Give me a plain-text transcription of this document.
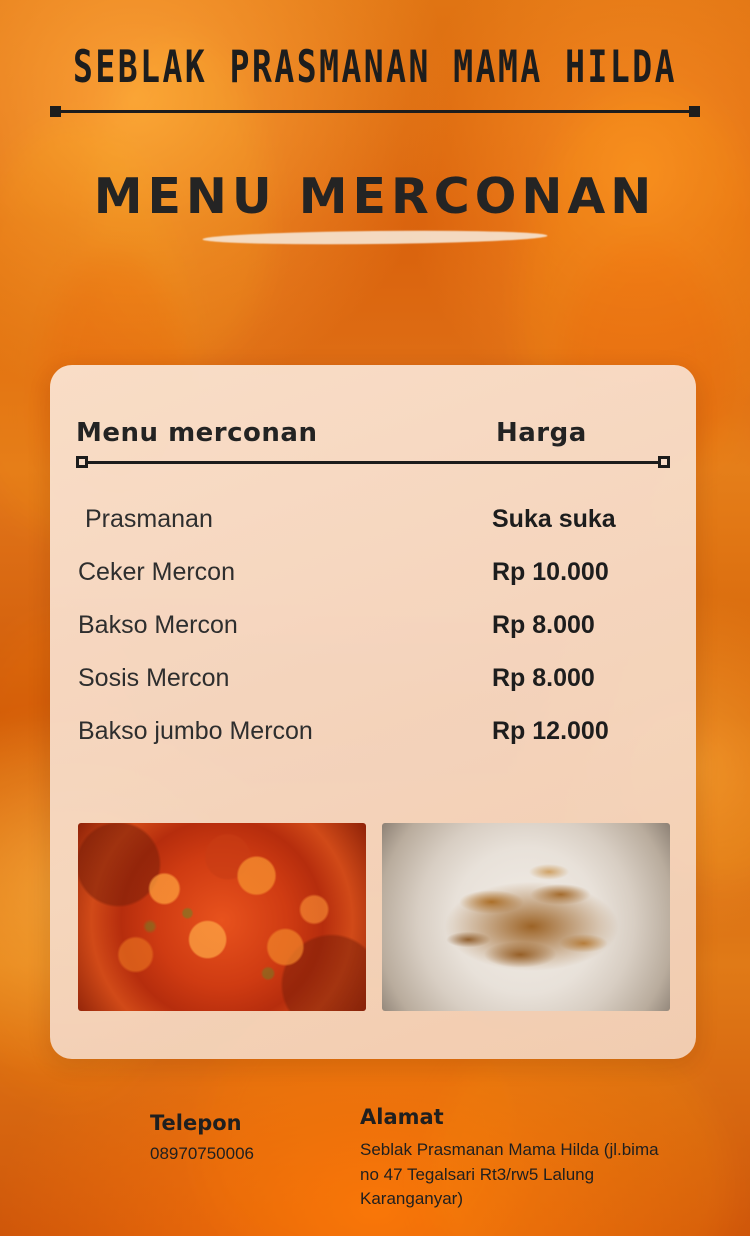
SEBLAK PRASMANAN MAMA HILDA
MENU MERCONAN
Menu merconan	Harga
Prasmanan	Suka suka
Ceker Mercon	Rp 10.000
Bakso Mercon	Rp 8.000
Sosis Mercon	Rp 8.000
Bakso jumbo Mercon	Rp 12.000
Telepon
08970750006
Alamat
Seblak Prasmanan Mama Hilda (jl.bima no 47 Tegalsari Rt3/rw5 Lalung Karanganyar)
